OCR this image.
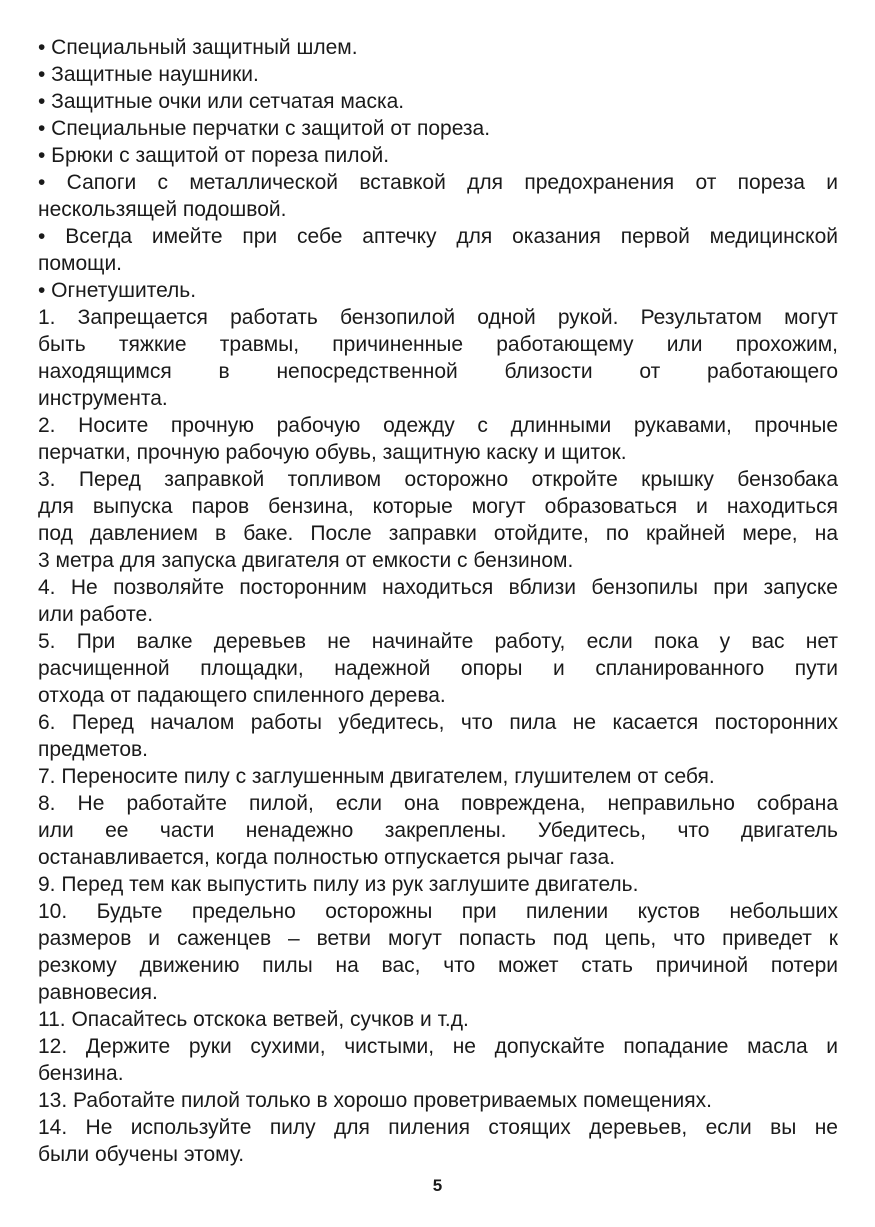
• Специальный защитный шлем.
• Защитные наушники.
• Защитные очки или сетчатая маска.
• Специальные перчатки с защитой от пореза.
• Брюки с защитой от пореза пилой.
• Сапоги с металлической вставкой для предохранения от пореза и
нескользящей подошвой.
• Всегда имейте при себе аптечку для оказания первой медицинской
помощи.
• Огнетушитель.
1. Запрещается работать бензопилой одной рукой. Результатом могут
быть тяжкие травмы, причиненные работающему или прохожим,
находящимся в непосредственной близости от работающего
инструмента.
2. Носите прочную рабочую одежду с длинными рукавами, прочные
перчатки, прочную рабочую обувь, защитную каску и щиток.
3. Перед заправкой топливом осторожно откройте крышку бензобака
для выпуска паров бензина, которые могут образоваться и находиться
под давлением в баке. После заправки отойдите, по крайней мере, на
3 метра для запуска двигателя от емкости с бензином.
4. Не позволяйте посторонним находиться вблизи бензопилы при запуске
или работе.
5. При валке деревьев не начинайте работу, если пока у вас нет
расчищенной площадки, надежной опоры и спланированного пути
отхода от падающего спиленного дерева.
6. Перед началом работы убедитесь, что пила не касается посторонних
предметов.
7. Переносите пилу с заглушенным двигателем, глушителем от себя.
8. Не работайте пилой, если она повреждена, неправильно собрана
или ее части ненадежно закреплены. Убедитесь, что двигатель
останавливается, когда полностью отпускается рычаг газа.
9. Перед тем как выпустить пилу из рук заглушите двигатель.
10. Будьте предельно осторожны при пилении кустов небольших
размеров и саженцев – ветви могут попасть под цепь, что приведет к
резкому движению пилы на вас, что может стать причиной потери
равновесия.
11. Опасайтесь отскока ветвей, сучков и т.д.
12. Держите руки сухими, чистыми, не допускайте попадание масла и
бензина.
13. Работайте пилой только в хорошо проветриваемых помещениях.
14. Не используйте пилу для пиления стоящих деревьев, если вы не
были обучены этому.
5
